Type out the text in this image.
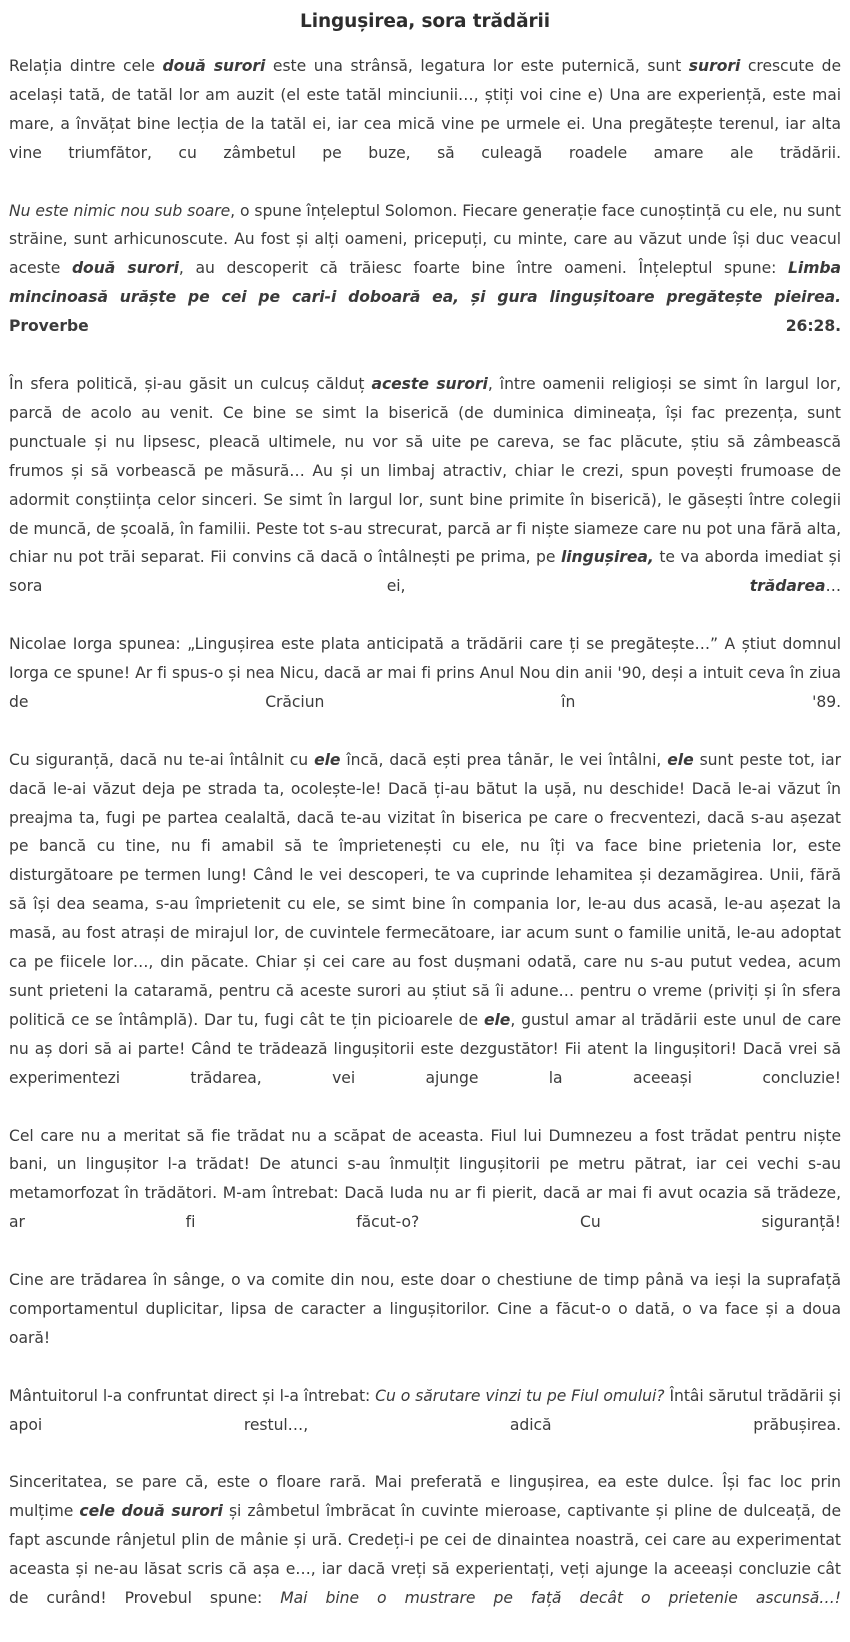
Lingușirea, sora trădării

Relația dintre cele două surori este una strânsă, legatura lor este puternică, sunt surori crescute de același tată, de tatăl lor am auzit (el este tatăl minciunii…, știți voi cine e) Una are experiență, este mai mare, a învățat bine lecția de la tatăl ei, iar cea mică vine pe urmele ei. Una pregătește terenul, iar alta vine triumfător, cu zâmbetul pe buze, să culeagă roadele amare ale trădării.

Nu este nimic nou sub soare, o spune înțeleptul Solomon. Fiecare generație face cunoștință cu ele, nu sunt străine, sunt arhicunoscute. Au fost și alți oameni, pricepuți, cu minte, care au văzut unde își duc veacul aceste două surori, au descoperit că trăiesc foarte bine între oameni. Înțeleptul spune: Limba mincinoasă urăște pe cei pe cari-i doboară ea, și gura lingușitoare pregătește pieirea. Proverbe 26:28.

În sfera politică, și-au găsit un culcuș călduț aceste surori, între oamenii religioși se simt în largul lor, parcă de acolo au venit. Ce bine se simt la biserică (de duminica dimineața, își fac prezența, sunt punctuale și nu lipsesc, pleacă ultimele, nu vor să uite pe careva, se fac plăcute, știu să zâmbească frumos și să vorbească pe măsură… Au și un limbaj atractiv, chiar le crezi, spun povești frumoase de adormit conștiința celor sinceri. Se simt în largul lor, sunt bine primite în biserică), le găsești între colegii de muncă, de școală, în familii. Peste tot s-au strecurat, parcă ar fi niște siameze care nu pot una fără alta, chiar nu pot trăi separat. Fii convins că dacă o întâlnești pe prima, pe lingușirea, te va aborda imediat și sora ei, trădarea…

Nicolae Iorga spunea: „Lingușirea este plata anticipată a trădării care ți se pregătește…” A știut domnul Iorga ce spune! Ar fi spus-o și nea Nicu, dacă ar mai fi prins Anul Nou din anii '90, deși a intuit ceva în ziua de Crăciun în '89.

Cu siguranță, dacă nu te-ai întâlnit cu ele încă, dacă ești prea tânăr, le vei întâlni, ele sunt peste tot, iar dacă le-ai văzut deja pe strada ta, ocolește-le! Dacă ți-au bătut la ușă, nu deschide! Dacă le-ai văzut în preajma ta, fugi pe partea cealaltă, dacă te-au vizitat în biserica pe care o frecventezi, dacă s-au așezat pe bancă cu tine, nu fi amabil să te împrietenești cu ele, nu îți va face bine prietenia lor, este disturgătoare pe termen lung! Când le vei descoperi, te va cuprinde lehamitea și dezamăgirea. Unii, fără să își dea seama, s-au împrietenit cu ele, se simt bine în compania lor, le-au dus acasă, le-au așezat la masă, au fost atrași de mirajul lor, de cuvintele fermecătoare, iar acum sunt o familie unită, le-au adoptat ca pe fiicele lor…, din păcate. Chiar și cei care au fost dușmani odată, care nu s-au putut vedea, acum sunt prieteni la cataramă, pentru că aceste surori au știut să îi adune… pentru o vreme (priviți și în sfera politică ce se întâmplă). Dar tu, fugi cât te țin picioarele de ele, gustul amar al trădării este unul de care nu aș dori să ai parte! Când te trădează lingușitorii este dezgustător! Fii atent la lingușitori! Dacă vrei să experimentezi trădarea, vei ajunge la aceeași concluzie!

Cel care nu a meritat să fie trădat nu a scăpat de aceasta. Fiul lui Dumnezeu a fost trădat pentru niște bani, un lingușitor l-a trădat! De atunci s-au înmulțit lingușitorii pe metru pătrat, iar cei vechi s-au metamorfozat în trădători. M-am întrebat: Dacă Iuda nu ar fi pierit, dacă ar mai fi avut ocazia să trădeze, ar fi făcut-o? Cu siguranță!

Cine are trădarea în sânge, o va comite din nou, este doar o chestiune de timp până va ieși la suprafață comportamentul duplicitar, lipsa de caracter a lingușitorilor. Cine a făcut-o o dată, o va face și a doua oară!

Mântuitorul l-a confruntat direct și l-a întrebat: Cu o sărutare vinzi tu pe Fiul omului? Întâi sărutul trădării și apoi restul…, adică prăbușirea.

Sinceritatea, se pare că, este o floare rară. Mai preferată e lingușirea, ea este dulce. Își fac loc prin mulțime cele două surori și zâmbetul îmbrăcat în cuvinte mieroase, captivante și pline de dulceață, de fapt ascunde rânjetul plin de mânie și ură. Credeți-i pe cei de dinaintea noastră, cei care au experimentat aceasta și ne-au lăsat scris că așa e…, iar dacă vreți să experientați, veți ajunge la aceeași concluzie cât de curând! Provebul spune: Mai bine o mustrare pe față decât o prietenie ascunsă…!
